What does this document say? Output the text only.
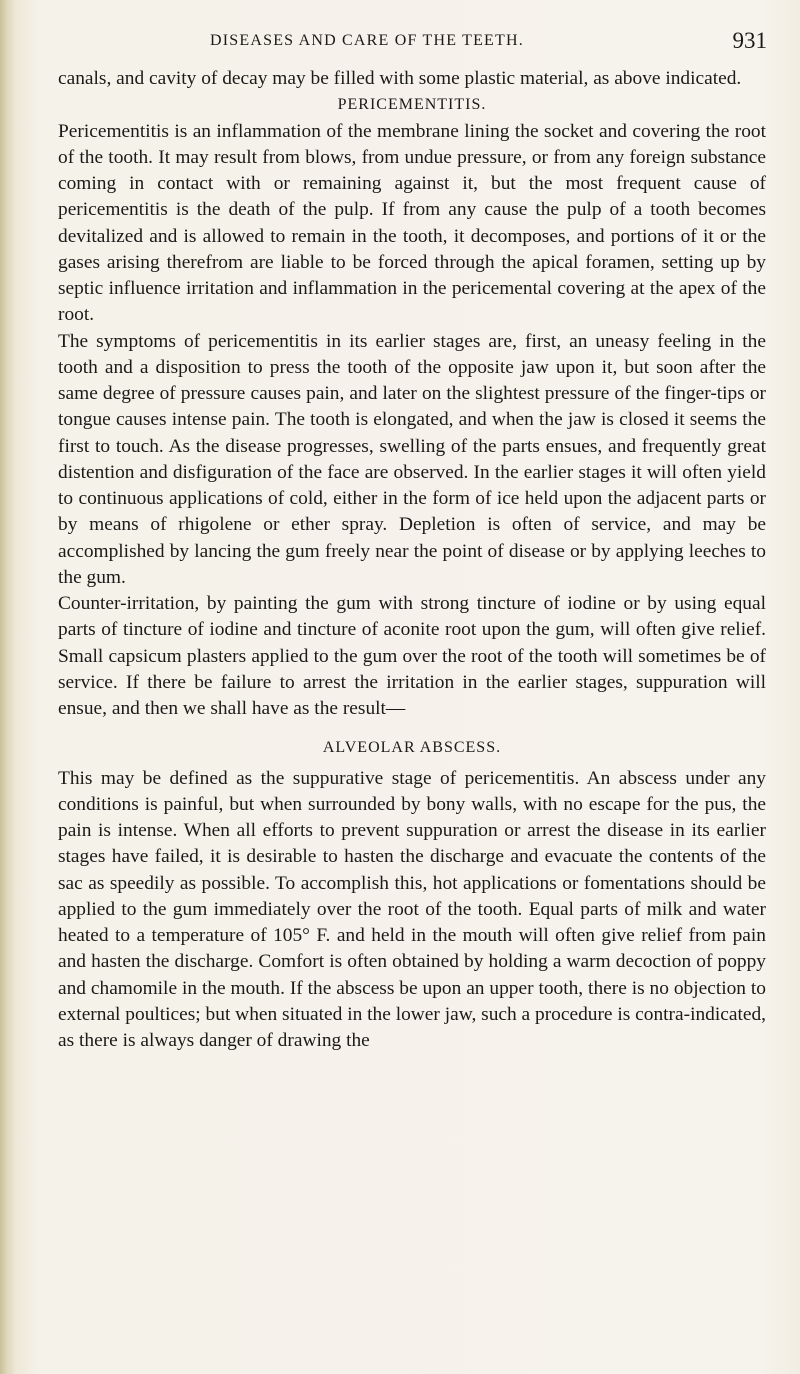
DISEASES AND CARE OF THE TEETH.	931

canals, and cavity of decay may be filled with some plastic material, as above indicated.

PERICEMENTITIS.

Pericementitis is an inflammation of the membrane lining the socket and covering the root of the tooth. It may result from blows, from undue pressure, or from any foreign substance coming in contact with or remaining against it, but the most frequent cause of pericementitis is the death of the pulp. If from any cause the pulp of a tooth becomes devitalized and is allowed to remain in the tooth, it decomposes, and portions of it or the gases arising therefrom are liable to be forced through the apical foramen, setting up by septic influence irritation and inflammation in the pericemental covering at the apex of the root.

The symptoms of pericementitis in its earlier stages are, first, an uneasy feeling in the tooth and a disposition to press the tooth of the opposite jaw upon it, but soon after the same degree of pressure causes pain, and later on the slightest pressure of the finger-tips or tongue causes intense pain. The tooth is elongated, and when the jaw is closed it seems the first to touch. As the disease progresses, swelling of the parts ensues, and frequently great distention and disfiguration of the face are observed. In the earlier stages it will often yield to continuous applications of cold, either in the form of ice held upon the adjacent parts or by means of rhigolene or ether spray. Depletion is often of service, and may be accomplished by lancing the gum freely near the point of disease or by applying leeches to the gum.

Counter-irritation, by painting the gum with strong tincture of iodine or by using equal parts of tincture of iodine and tincture of aconite root upon the gum, will often give relief. Small capsicum plasters applied to the gum over the root of the tooth will sometimes be of service. If there be failure to arrest the irritation in the earlier stages, suppuration will ensue, and then we shall have as the result—

ALVEOLAR ABSCESS.

This may be defined as the suppurative stage of pericementitis. An abscess under any conditions is painful, but when surrounded by bony walls, with no escape for the pus, the pain is intense. When all efforts to prevent suppuration or arrest the disease in its earlier stages have failed, it is desirable to hasten the discharge and evacuate the contents of the sac as speedily as possible. To accomplish this, hot applications or fomentations should be applied to the gum immediately over the root of the tooth. Equal parts of milk and water heated to a temperature of 105° F. and held in the mouth will often give relief from pain and hasten the discharge. Comfort is often obtained by holding a warm decoction of poppy and chamomile in the mouth. If the abscess be upon an upper tooth, there is no objection to external poultices; but when situated in the lower jaw, such a procedure is contra-indicated, as there is always danger of drawing the
